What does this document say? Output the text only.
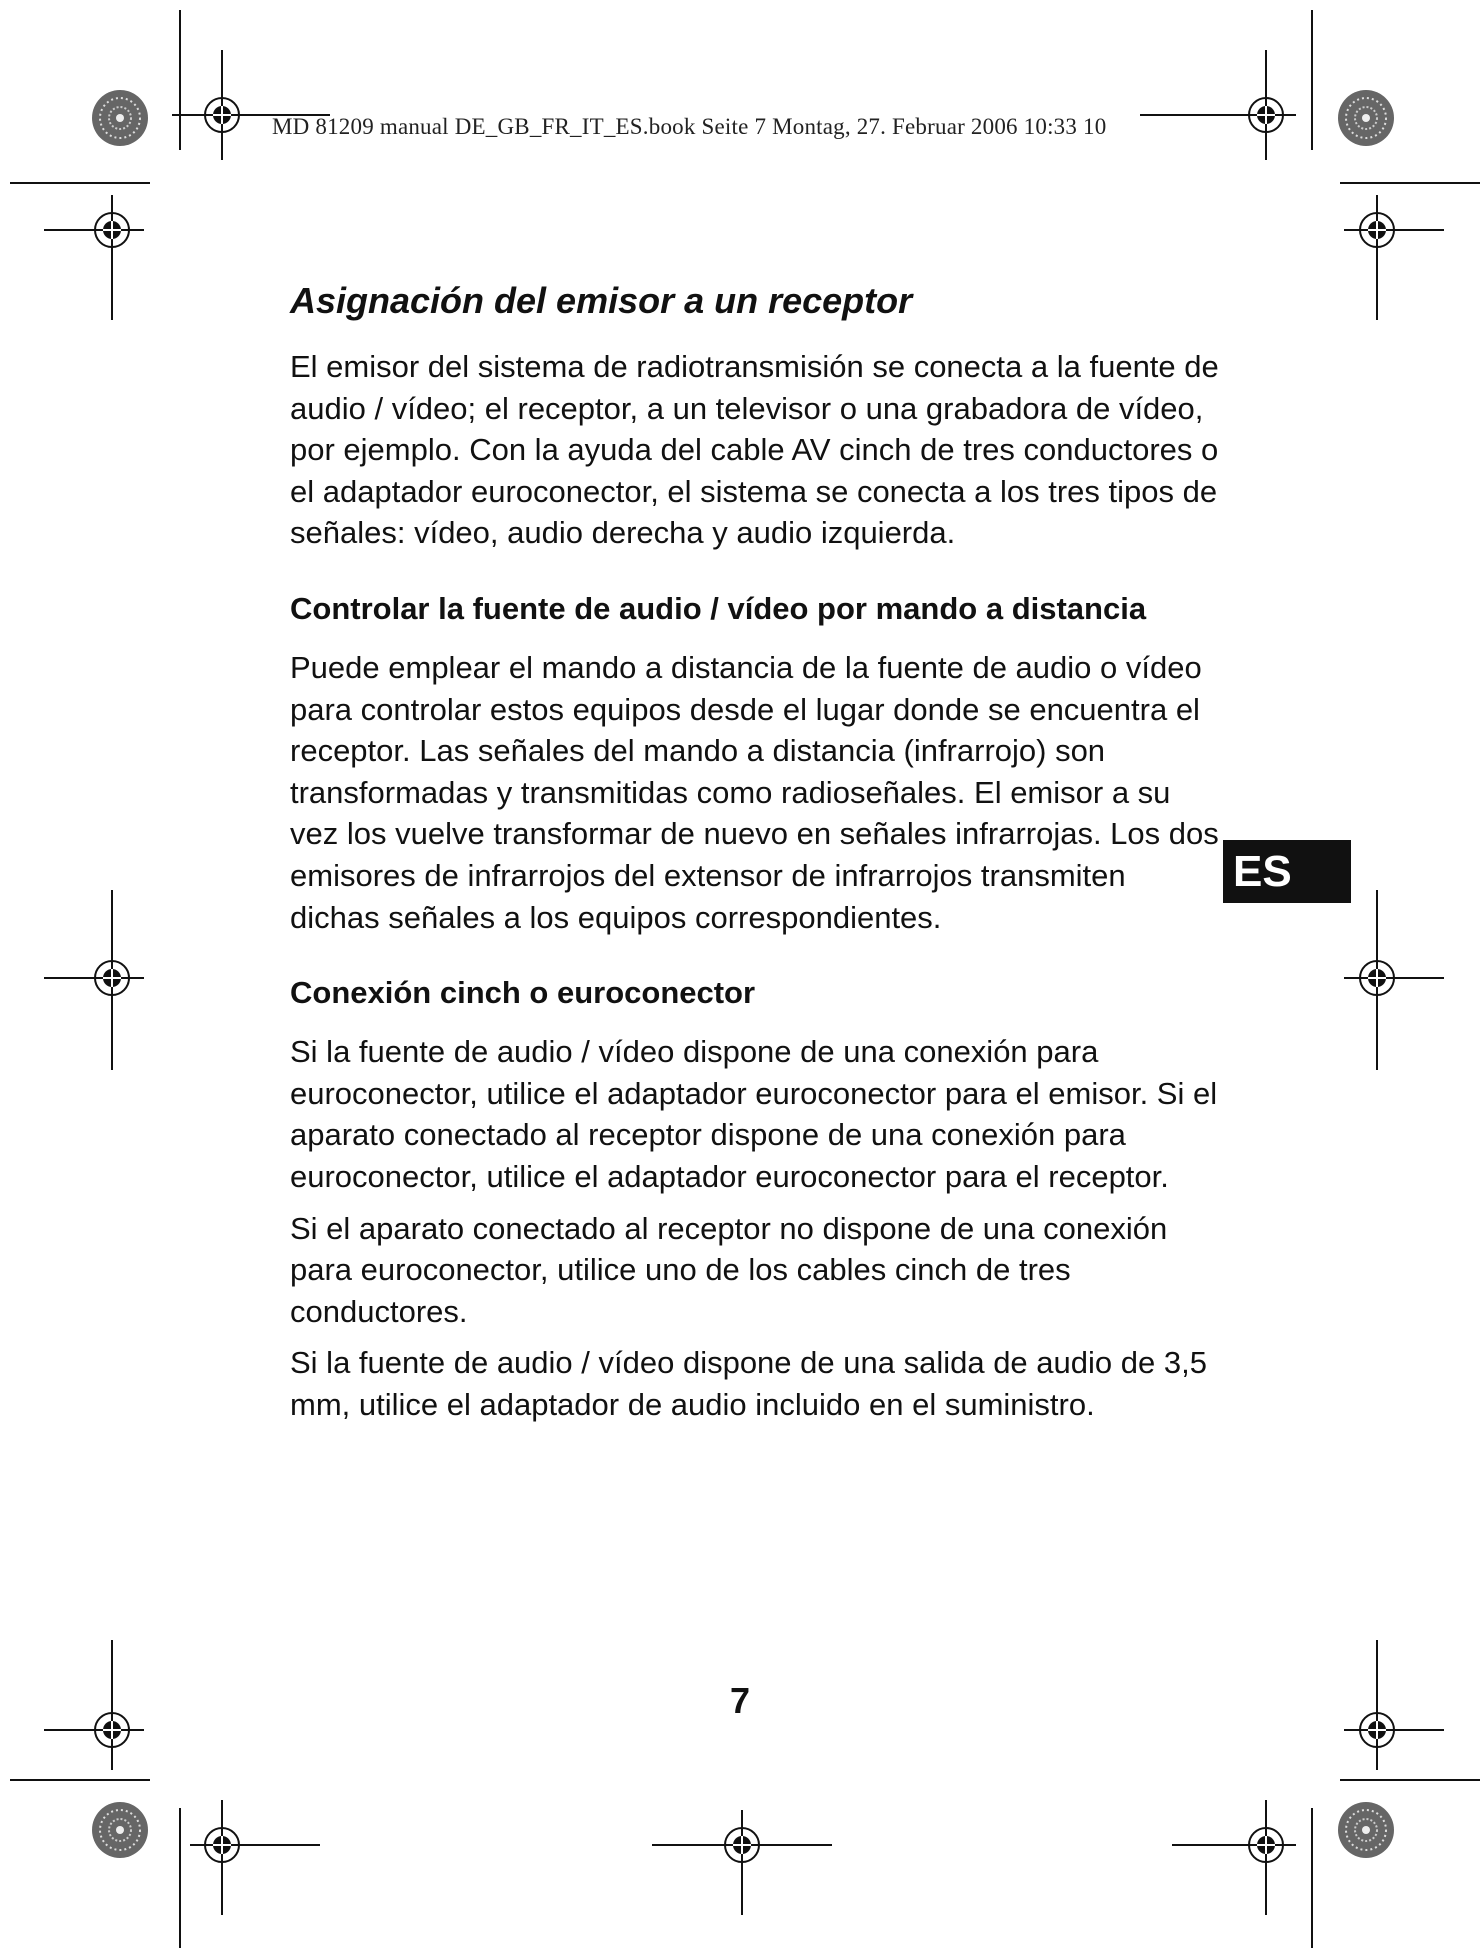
MD 81209 manual DE_GB_FR_IT_ES.book Seite 7 Montag, 27. Februar 2006 10:33 10
Asignación del emisor a un receptor

El emisor del sistema de radiotransmisión se conecta a la fuente de audio / vídeo; el receptor, a un televisor o una grabadora de vídeo, por ejemplo. Con la ayuda del cable AV cinch de tres conductores o el adaptador euroconector, el sistema se conecta a los tres tipos de señales: vídeo, audio derecha y audio izquierda.

Controlar la fuente de audio / vídeo por mando a distancia

Puede emplear el mando a distancia de la fuente de audio o vídeo para controlar estos equipos desde el lugar donde se encuentra el receptor. Las señales del mando a distancia (infrarrojo) son transformadas y transmitidas como radioseñales. El emisor a su vez los vuelve transformar de nuevo en señales infrarrojas. Los dos emisores de infrarrojos del extensor de infrarrojos transmiten dichas señales a los equipos correspondientes.

Conexión cinch o euroconector

Si la fuente de audio / vídeo dispone de una conexión para euroconector, utilice el adaptador euroconector para el emisor. Si el aparato conectado al receptor dispone de una conexión para euroconector, utilice el adaptador euroconector para el receptor.

Si el aparato conectado al receptor no dispone de una conexión para euroconector, utilice uno de los cables cinch de tres conductores.

Si la fuente de audio / vídeo dispone de una salida de audio de 3,5 mm, utilice el adaptador de audio incluido en el suministro.

ES
7
